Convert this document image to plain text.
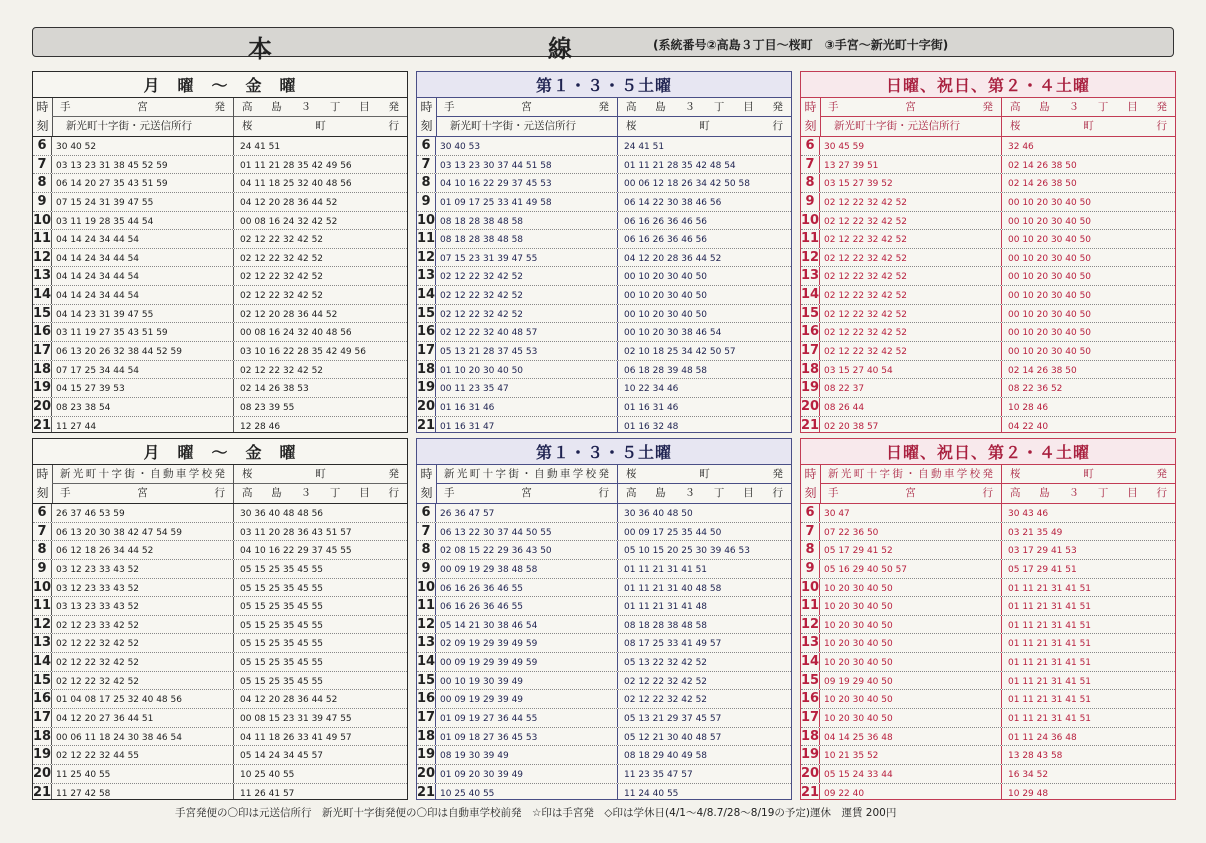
本	線	(系統番号②高島３丁目～桜町　③手宮～新光町十字街)
月　曜　～　金　曜
時
刻
手	宮	発
新光町十字街・元送信所行
高 島 ３ 丁 目 発
桜	町	行
6	30 40 52	24 41 51
7	03 13 23 31 38 45 52 59	01 11 21 28 35 42 49 56
8	06 14 20 27 35 43 51 59	04 11 18 25 32 40 48 56
9	07 15 24 31 39 47 55	04 12 20 28 36 44 52
10 03 11 19 28 35 44 54	00 08 16 24 32 42 52
11 04 14 24 34 44 54	02 12 22 32 42 52
12 04 14 24 34 44 54	02 12 22 32 42 52
13 04 14 24 34 44 54	02 12 22 32 42 52
14 04 14 24 34 44 54	02 12 22 32 42 52
15 04 14 23 31 39 47 55	02 12 20 28 36 44 52
16 03 11 19 27 35 43 51 59	00 08 16 24 32 40 48 56
17 06 13 20 26 32 38 44 52 59	03 10 16 22 28 35 42 49 56
18 07 17 25 34 44 54	02 12 22 32 42 52
19 04 15 27 39 53	02 14 26 38 53
20 08 23 38 54	08 23 39 55
21 11 27 44	12 28 46
第１・３・５土曜
時
刻
手	宮	発
新光町十字街・元送信所行
高 島 ３ 丁 目 発
桜	町	行
6	30 40 53	24 41 51
7	03 13 23 30 37 44 51 58	01 11 21 28 35 42 48 54
8	04 10 16 22 29 37 45 53	00 06 12 18 26 34 42 50 58
9	01 09 17 25 33 41 49 58	06 14 22 30 38 46 56
10 08 18 28 38 48 58	06 16 26 36 46 56
11 08 18 28 38 48 58	06 16 26 36 46 56
12 07 15 23 31 39 47 55	04 12 20 28 36 44 52
13 02 12 22 32 42 52	00 10 20 30 40 50
14 02 12 22 32 42 52	00 10 20 30 40 50
15 02 12 22 32 42 52	00 10 20 30 40 50
16 02 12 22 32 40 48 57	00 10 20 30 38 46 54
17 05 13 21 28 37 45 53	02 10 18 25 34 42 50 57
18 01 10 20 30 40 50	06 18 28 39 48 58
19 00 11 23 35 47	10 22 34 46
20 01 16 31 46	01 16 31 46
21 01 16 31 47	01 16 32 48
日曜、祝日、第２・４土曜
時
刻
手	宮	発
新光町十字街・元送信所行
高 島 ３ 丁 目 発
桜	町	行
6	30 45 59	32 46
7	13 27 39 51	02 14 26 38 50
8	03 15 27 39 52	02 14 26 38 50
9	02 12 22 32 42 52	00 10 20 30 40 50
10 02 12 22 32 42 52	00 10 20 30 40 50
11 02 12 22 32 42 52	00 10 20 30 40 50
12 02 12 22 32 42 52	00 10 20 30 40 50
13 02 12 22 32 42 52	00 10 20 30 40 50
14 02 12 22 32 42 52	00 10 20 30 40 50
15 02 12 22 32 42 52	00 10 20 30 40 50
16 02 12 22 32 42 52	00 10 20 30 40 50
17 02 12 22 32 42 52	00 10 20 30 40 50
18 03 15 27 40 54	02 14 26 38 50
19 08 22 37	08 22 36 52
20 08 26 44	10 28 46
21 02 20 38 57	04 22 40
月　曜　～　金　曜
時
刻
新 光 町 十 字 街 ・ 自 動 車 学 校 発
手	宮	行
桜	町	発
高 島 ３ 丁 目 行
6	26 37 46 53 59	30 36 40 48 48 56
7	06 13 20 30 38 42 47 54 59	03 11 20 28 36 43 51 57
8	06 12 18 26 34 44 52	04 10 16 22 29 37 45 55
9	03 12 23 33 43 52	05 15 25 35 45 55
10 03 12 23 33 43 52	05 15 25 35 45 55
11 03 13 23 33 43 52	05 15 25 35 45 55
12 02 12 23 33 42 52	05 15 25 35 45 55
13 02 12 22 32 42 52	05 15 25 35 45 55
14 02 12 22 32 42 52	05 15 25 35 45 55
15 02 12 22 32 42 52	05 15 25 35 45 55
16 01 04 08 17 25 32 40 48 56	04 12 20 28 36 44 52
17 04 12 20 27 36 44 51	00 08 15 23 31 39 47 55
18 00 06 11 18 24 30 38 46 54	04 11 18 26 33 41 49 57
19 02 12 22 32 44 55	05 14 24 34 45 57
20 11 25 40 55	10 25 40 55
21 11 27 42 58	11 26 41 57
第１・３・５土曜
時
刻
新 光 町 十 字 街 ・ 自 動 車 学 校 発
手	宮	行
桜	町	発
高 島 ３ 丁 目 行
6	26 36 47 57	30 36 40 48 50
7	06 13 22 30 37 44 50 55	00 09 17 25 35 44 50
8	02 08 15 22 29 36 43 50	05 10 15 20 25 30 39 46 53
9	00 09 19 29 38 48 58	01 11 21 31 41 51
10 06 16 26 36 46 55	01 11 21 31 40 48 58
11 06 16 26 36 46 55	01 11 21 31 41 48
12 05 14 21 30 38 46 54	08 18 28 38 48 58
13 02 09 19 29 39 49 59	08 17 25 33 41 49 57
14 00 09 19 29 39 49 59	05 13 22 32 42 52
15 00 10 19 30 39 49	02 12 22 32 42 52
16 00 09 19 29 39 49	02 12 22 32 42 52
17 01 09 19 27 36 44 55	05 13 21 29 37 45 57
18 01 09 18 27 36 45 53	05 12 21 30 40 48 57
19 08 19 30 39 49	08 18 29 40 49 58
20 01 09 20 30 39 49	11 23 35 47 57
21 10 25 40 55	11 24 40 55
日曜、祝日、第２・４土曜
時
刻
新 光 町 十 字 街 ・ 自 動 車 学 校 発
手	宮	行
桜	町	発
高 島 ３ 丁 目 行
6	30 47	30 43 46
7	07 22 36 50	03 21 35 49
8	05 17 29 41 52	03 17 29 41 53
9	05 16 29 40 50 57	05 17 29 41 51
10 10 20 30 40 50	01 11 21 31 41 51
11 10 20 30 40 50	01 11 21 31 41 51
12 10 20 30 40 50	01 11 21 31 41 51
13 10 20 30 40 50	01 11 21 31 41 51
14 10 20 30 40 50	01 11 21 31 41 51
15 09 19 29 40 50	01 11 21 31 41 51
16 10 20 30 40 50	01 11 21 31 41 51
17 10 20 30 40 50	01 11 21 31 41 51
18 04 14 25 36 48	01 11 24 36 48
19 10 21 35 52	13 28 43 58
20 05 15 24 33 44	16 34 52
21 09 22 40	10 29 48
手宮発便の〇印は元送信所行　新光町十字街発便の〇印は自動車学校前発　☆印は手宮発　◇印は学休日(4/1～4/8.7/28～8/19の予定)運休　運賃 200円
